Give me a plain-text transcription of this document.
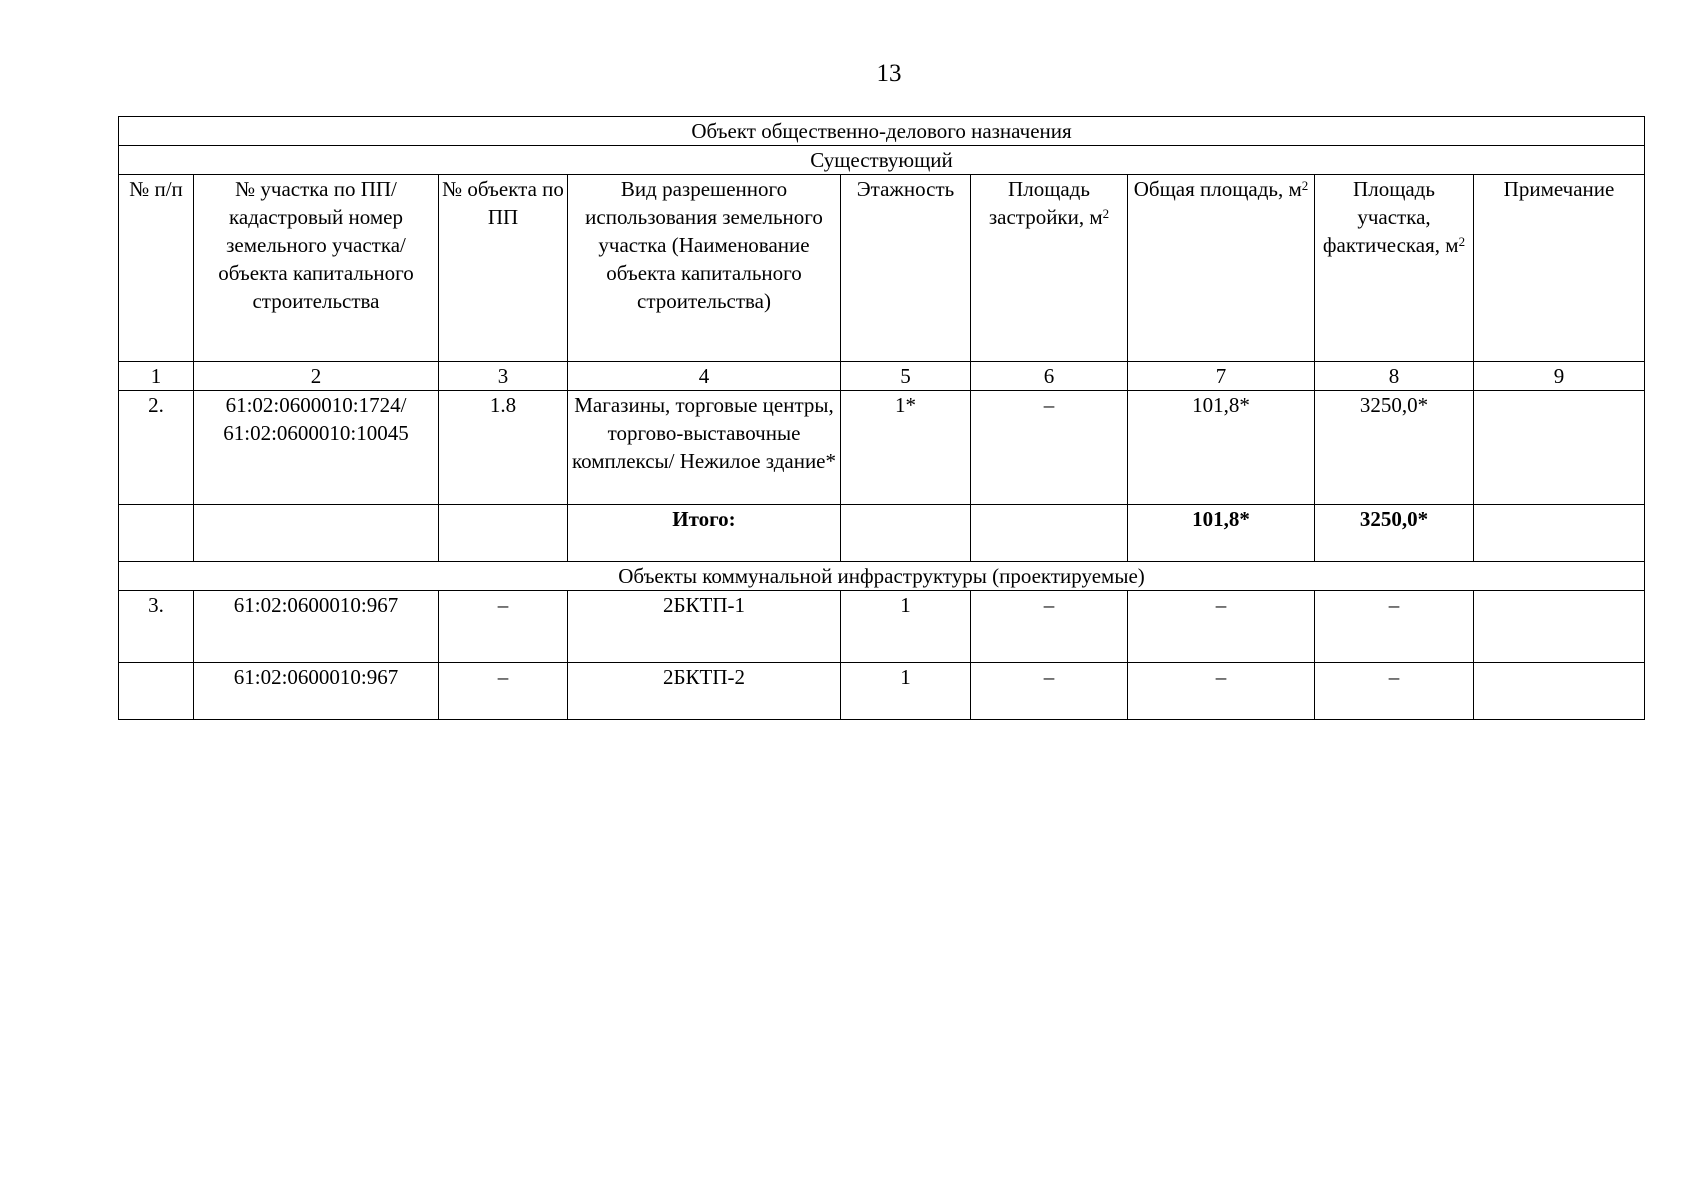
13
Объект общественно-делового назначения								
Существующий								
№ п/п	№ участка по ПП/ кадастровый номер земельного участка/ объекта капитального строительства	№ объекта по ПП	Вид разрешенного использования земельного участка (Наименование объекта капитального строительства)	Этажность	Площадь застройки, $м^2$	Общая площадь, $м^2$	Площадь участка, фактическая, $м^2$	Примечание
1	2	3	4	5	6	7	8	9
2.	61:02:0600010:1724/ 61:02:0600010:10045	1.8	Магазины, торговые центры, торгово-выставочные комплексы/ Нежилое здание*	1*	–	101,8*	3250,0*	
			Итого:			101,8*	3250,0*	
Объекты коммунальной инфраструктуры (проектируемые)								
3.	61:02:0600010:967	–	2БКТП-1	1	–	–	–	
	61:02:0600010:967	–	2БКТП-2	1	–	–	–	
